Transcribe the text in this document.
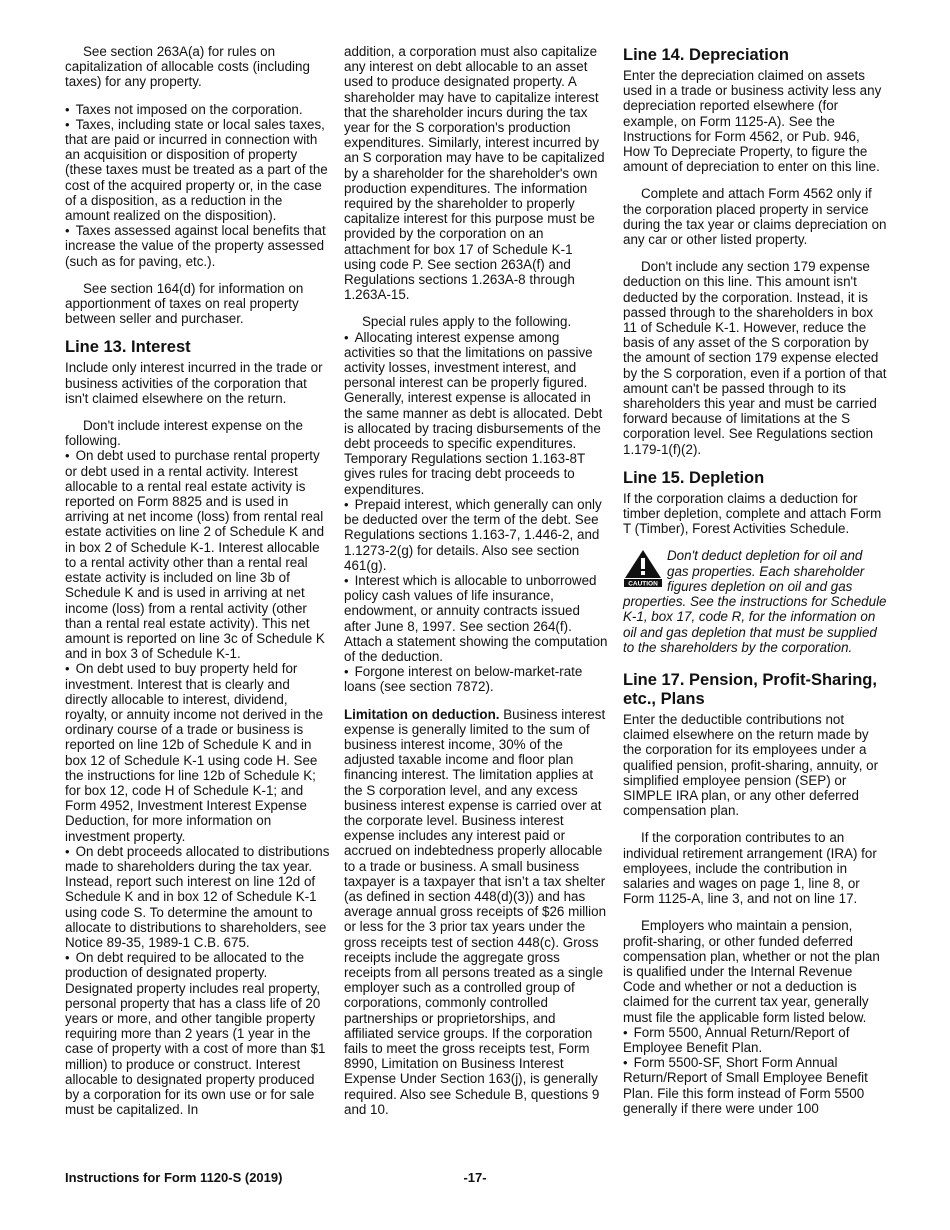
See section 263A(a) for rules on capitalization of allocable costs (including taxes) for any property.

• Taxes not imposed on the corporation.
• Taxes, including state or local sales taxes, that are paid or incurred in connection with an acquisition or disposition of property (these taxes must be treated as a part of the cost of the acquired property or, in the case of a disposition, as a reduction in the amount realized on the disposition).
• Taxes assessed against local benefits that increase the value of the property assessed (such as for paving, etc.).

See section 164(d) for information on apportionment of taxes on real property between seller and purchaser.

Line 13. Interest

Include only interest incurred in the trade or business activities of the corporation that isn't claimed elsewhere on the return.

Don't include interest expense on the following.

• On debt used to purchase rental property or debt used in a rental activity. Interest allocable to a rental real estate activity is reported on Form 8825 and is used in arriving at net income (loss) from rental real estate activities on line 2 of Schedule K and in box 2 of Schedule K-1. Interest allocable to a rental activity other than a rental real estate activity is included on line 3b of Schedule K and is used in arriving at net income (loss) from a rental activity (other than a rental real estate activity). This net amount is reported on line 3c of Schedule K and in box 3 of Schedule K-1.
• On debt used to buy property held for investment. Interest that is clearly and directly allocable to interest, dividend, royalty, or annuity income not derived in the ordinary course of a trade or business is reported on line 12b of Schedule K and in box 12 of Schedule K-1 using code H. See the instructions for line 12b of Schedule K; for box 12, code H of Schedule K-1; and Form 4952, Investment Interest Expense Deduction, for more information on investment property.
• On debt proceeds allocated to distributions made to shareholders during the tax year. Instead, report such interest on line 12d of Schedule K and in box 12 of Schedule K-1 using code S. To determine the amount to allocate to distributions to shareholders, see Notice 89-35, 1989-1 C.B. 675.
• On debt required to be allocated to the production of designated property. Designated property includes real property, personal property that has a class life of 20 years or more, and other tangible property requiring more than 2 years (1 year in the case of property with a cost of more than $1 million) to produce or construct. Interest allocable to designated property produced by a corporation for its own use or for sale must be capitalized. In

addition, a corporation must also capitalize any interest on debt allocable to an asset used to produce designated property. A shareholder may have to capitalize interest that the shareholder incurs during the tax year for the S corporation's production expenditures. Similarly, interest incurred by an S corporation may have to be capitalized by a shareholder for the shareholder's own production expenditures. The information required by the shareholder to properly capitalize interest for this purpose must be provided by the corporation on an attachment for box 17 of Schedule K-1 using code P. See section 263A(f) and Regulations sections 1.263A-8 through 1.263A-15.

Special rules apply to the following.

• Allocating interest expense among activities so that the limitations on passive activity losses, investment interest, and personal interest can be properly figured. Generally, interest expense is allocated in the same manner as debt is allocated. Debt is allocated by tracing disbursements of the debt proceeds to specific expenditures. Temporary Regulations section 1.163-8T gives rules for tracing debt proceeds to expenditures.
• Prepaid interest, which generally can only be deducted over the term of the debt. See Regulations sections 1.163-7, 1.446-2, and 1.1273-2(g) for details. Also see section 461(g).
• Interest which is allocable to unborrowed policy cash values of life insurance, endowment, or annuity contracts issued after June 8, 1997. See section 264(f). Attach a statement showing the computation of the deduction.
• Forgone interest on below-market-rate loans (see section 7872).

Limitation on deduction. Business interest expense is generally limited to the sum of business interest income, 30% of the adjusted taxable income and floor plan financing interest. The limitation applies at the S corporation level, and any excess business interest expense is carried over at the corporate level. Business interest expense includes any interest paid or accrued on indebtedness properly allocable to a trade or business. A small business taxpayer is a taxpayer that isn’t a tax shelter (as defined in section 448(d)(3)) and has average annual gross receipts of $26 million or less for the 3 prior tax years under the gross receipts test of section 448(c). Gross receipts include the aggregate gross receipts from all persons treated as a single employer such as a controlled group of corporations, commonly controlled partnerships or proprietorships, and affiliated service groups. If the corporation fails to meet the gross receipts test, Form 8990, Limitation on Business Interest Expense Under Section 163(j), is generally required. Also see Schedule B, questions 9 and 10.

Line 14. Depreciation

Enter the depreciation claimed on assets used in a trade or business activity less any depreciation reported elsewhere (for example, on Form 1125-A). See the Instructions for Form 4562, or Pub. 946, How To Depreciate Property, to figure the amount of depreciation to enter on this line.

Complete and attach Form 4562 only if the corporation placed property in service during the tax year or claims depreciation on any car or other listed property.

Don't include any section 179 expense deduction on this line. This amount isn't deducted by the corporation. Instead, it is passed through to the shareholders in box 11 of Schedule K-1. However, reduce the basis of any asset of the S corporation by the amount of section 179 expense elected by the S corporation, even if a portion of that amount can't be passed through to its shareholders this year and must be carried forward because of limitations at the S corporation level. See Regulations section 1.179-1(f)(2).

Line 15. Depletion

If the corporation claims a deduction for timber depletion, complete and attach Form T (Timber), Forest Activities Schedule.

CAUTION
Don't deduct depletion for oil and gas properties. Each shareholder figures depletion on oil and gas properties. See the instructions for Schedule K-1, box 17, code R, for the information on oil and gas depletion that must be supplied to the shareholders by the corporation.
Line 17. Pension, Profit-Sharing, etc., Plans

Enter the deductible contributions not claimed elsewhere on the return made by the corporation for its employees under a qualified pension, profit-sharing, annuity, or simplified employee pension (SEP) or SIMPLE IRA plan, or any other deferred compensation plan.

If the corporation contributes to an individual retirement arrangement (IRA) for employees, include the contribution in salaries and wages on page 1, line 8, or Form 1125-A, line 3, and not on line 17.

Employers who maintain a pension, profit-sharing, or other funded deferred compensation plan, whether or not the plan is qualified under the Internal Revenue Code and whether or not a deduction is claimed for the current tax year, generally must file the applicable form listed below.

• Form 5500, Annual Return/Report of Employee Benefit Plan.
• Form 5500-SF, Short Form Annual Return/Report of Small Employee Benefit Plan. File this form instead of Form 5500 generally if there were under 100
Instructions for Form 1120-S (2019)	-17-
